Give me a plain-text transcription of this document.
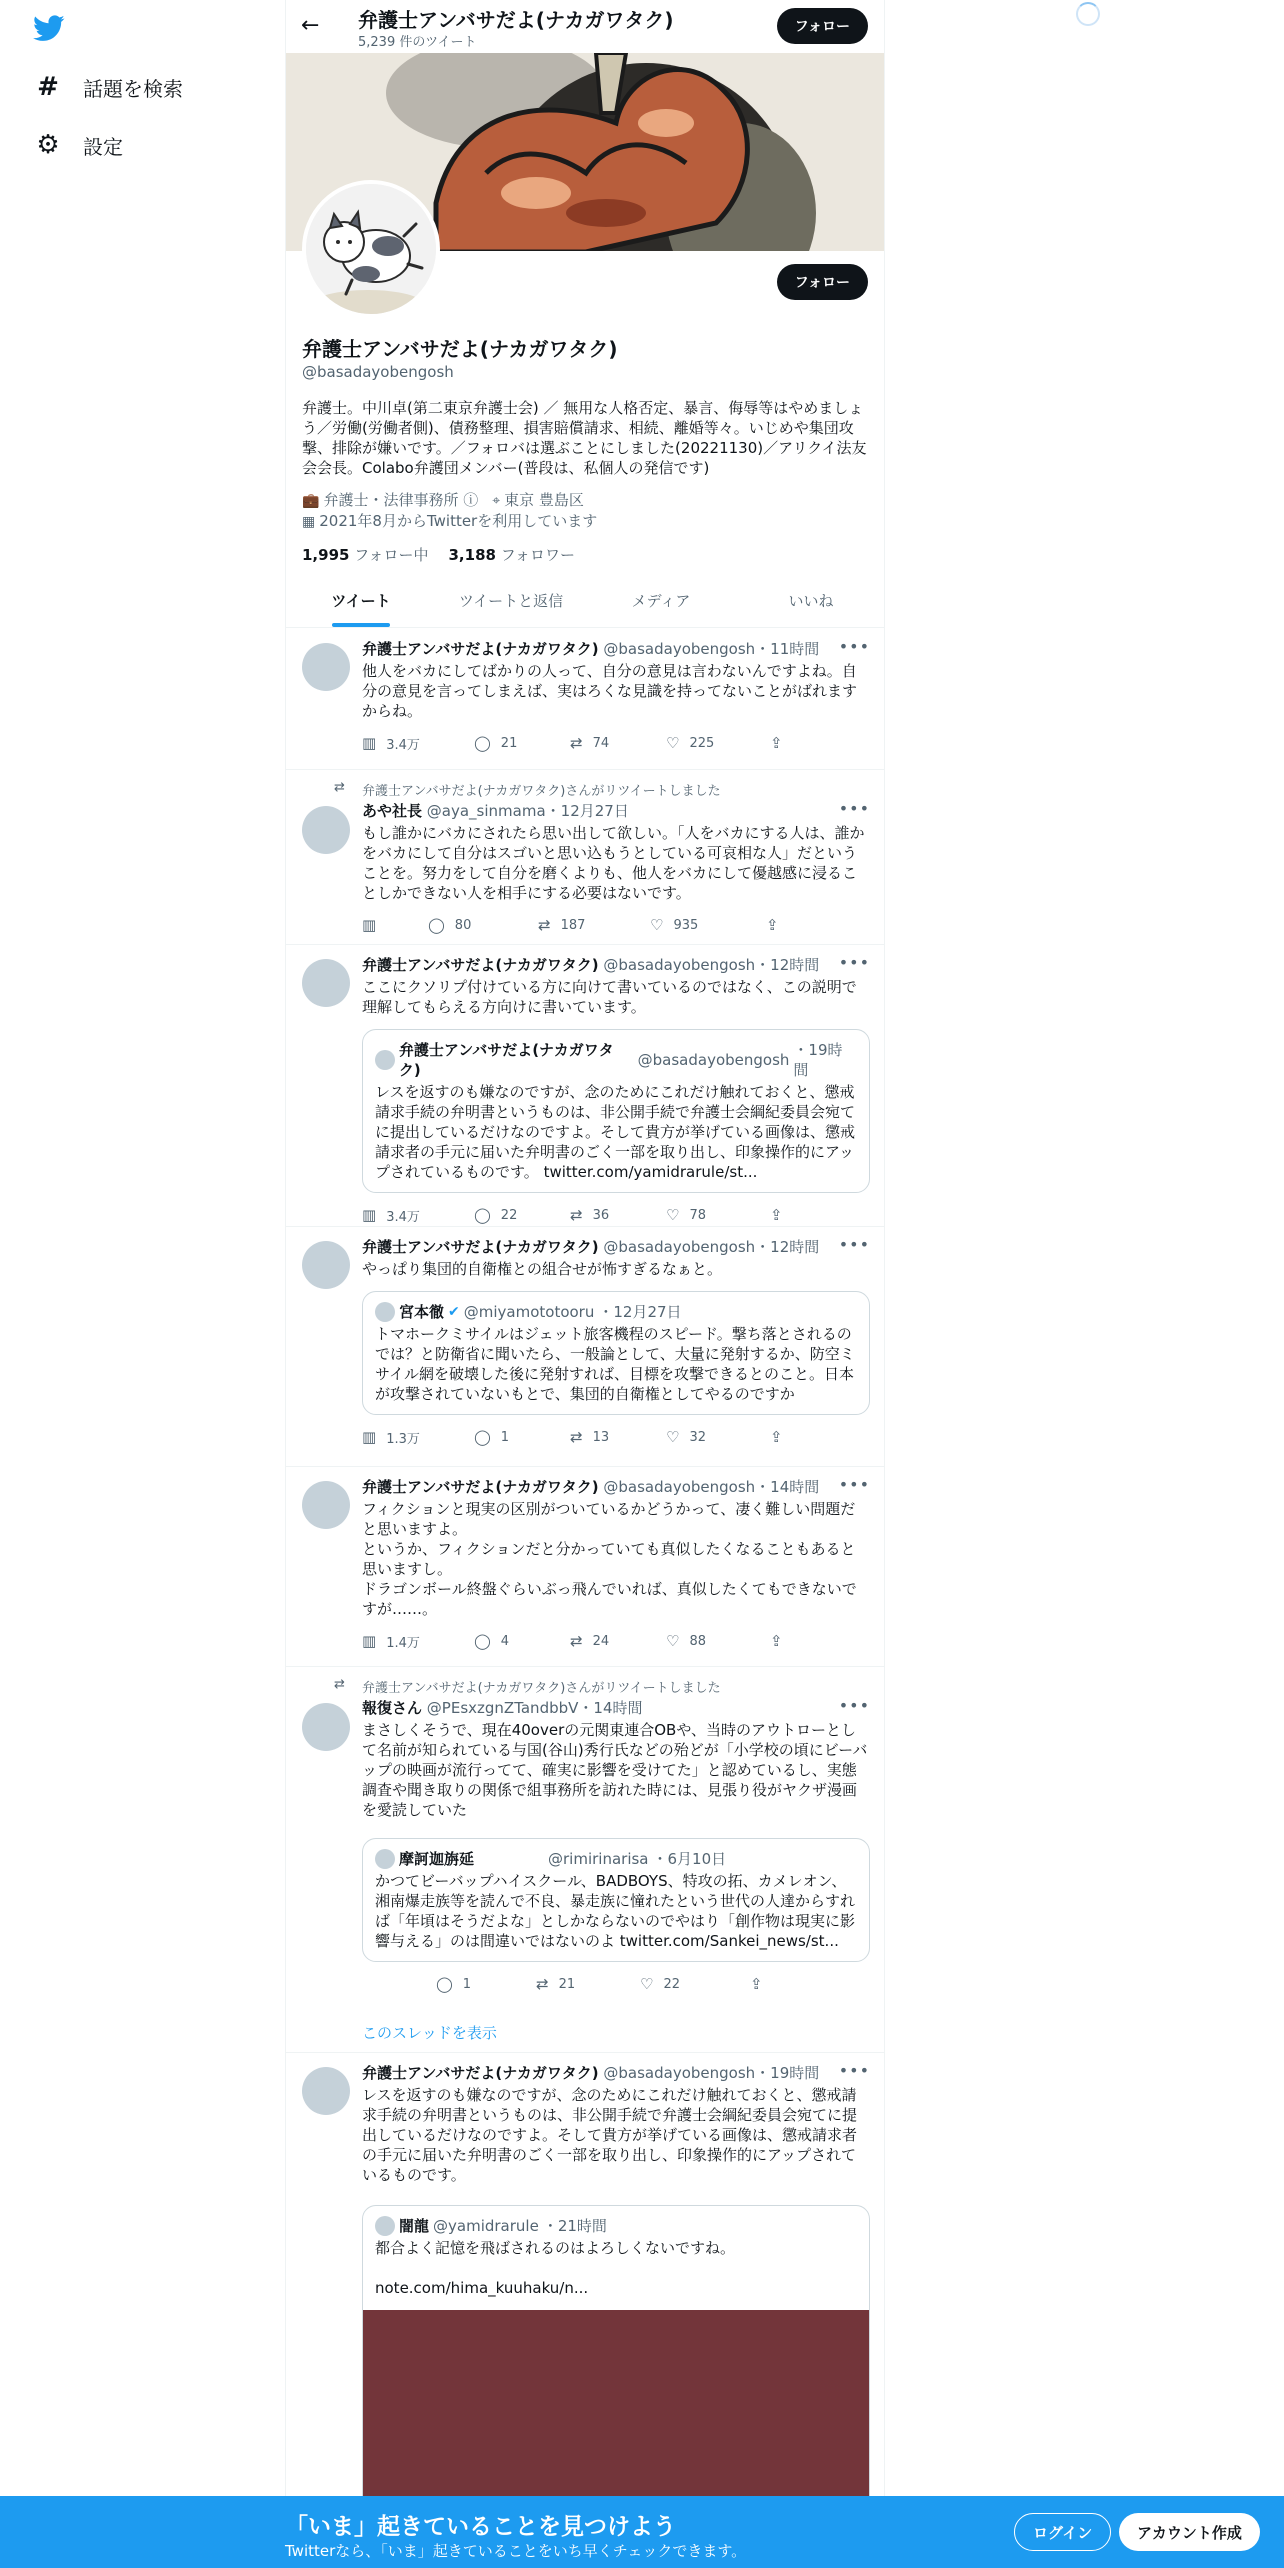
# 話題を検索
⚙ 設定
← 弁護士アンバサだよ(ナカガワタク)
5,239 件のツイート
フォロー
フォロー
弁護士アンバサだよ(ナカガワタク)
@basadayobengosh
弁護士。中川卓(第二東京弁護士会) ／ 無用な人格否定、暴言、侮辱等はやめましょう／労働(労働者側)、債務整理、損害賠償請求、相続、離婚等々。いじめや集団攻撃、排除が嫌いです。／フォロバは選ぶことにしました(20221130)／アリクイ法友会会長。Colabo弁護団メンバー(普段は、私個人の発信です)
💼 弁護士・法律事務所 ⓘ ⌖ 東京 豊島区
▦ 2021年8月からTwitterを利用しています
1,995 フォロー中 3,188 フォロワー
ツイート	ツイートと返信	メディア	いいね
弁護士アンバサだよ(ナカガワタク) @basadayobengosh・11時間 •••
他人をバカにしてばかりの人って、自分の意見は言わないんですよね。自分の意見を言ってしまえば、実はろくな見識を持ってないことがばれますからね。
▥ 3.4万	◯ 21	⇄ 74	♡ 225	⇪
⇄ 弁護士アンバサだよ(ナカガワタク)さんがリツイートしました
あや社長 @aya_sinmama・12月27日	•••
もし誰かにバカにされたら思い出して欲しい。「人をバカにする人は、誰かをバカにして自分はスゴいと思い込もうとしている可哀相な人」だということを。努力をして自分を磨くよりも、他人をバカにして優越感に浸ることしかできない人を相手にする必要はないです。
▥	◯ 80	⇄ 187	♡ 935	⇪
弁護士アンバサだよ(ナカガワタク) @basadayobengosh・12時間 •••
ここにクソリプ付けている方に向けて書いているのではなく、この説明で理解してもらえる方向けに書いています。
弁護士アンバサだよ(ナカガワタク)
@basadayobengosh
・19時間
レスを返すのも嫌なのですが、念のためにこれだけ触れておくと、懲戒請求手続の弁明書というものは、非公開手続で弁護士会綱紀委員会宛てに提出しているだけなのですよ。そして貴方が挙げている画像は、懲戒請求者の手元に届いた弁明書のごく一部を取り出し、印象操作的にアップされているものです。 twitter.com/yamidrarule/st...
▥ 3.4万	◯ 22	⇄ 36	♡ 78	⇪
弁護士アンバサだよ(ナカガワタク) @basadayobengosh・12時間 •••
やっぱり集団的自衛権との組合せが怖すぎるなぁと。
宮本徹 ✔ @miyamototooru ・12月27日
トマホークミサイルはジェット旅客機程のスピード。撃ち落とされるのでは？と防衛省に聞いたら、一般論として、大量に発射するか、防空ミサイル網を破壊した後に発射すれば、目標を攻撃できるとのこと。日本が攻撃されていないもとで、集団的自衛権としてやるのですか
▥ 1.3万	◯ 1	⇄ 13	♡ 32	⇪
弁護士アンバサだよ(ナカガワタク) @basadayobengosh・14時間 •••
フィクションと現実の区別がついているかどうかって、凄く難しい問題だと思いますよ。
というか、フィクションだと分かっていても真似したくなることもあると思いますし。
ドラゴンボール終盤ぐらいぶっ飛んでいれば、真似したくてもできないですが……。
▥ 1.4万	◯ 4	⇄ 24	♡ 88	⇪
⇄ 弁護士アンバサだよ(ナカガワタク)さんがリツイートしました
報復さん @PEsxzgnZTandbbV・14時間	•••
まさしくそうで、現在40overの元関東連合OBや、当時のアウトローとして名前が知られている与国(谷山)秀行氏などの殆どが「小学校の頃にビーバップの映画が流行ってて、確実に影響を受けてた」と認めているし、実態調査や聞き取りの関係で組事務所を訪れた時には、見張り役がヤクザ漫画を愛読していた
摩訶迦旃延	@rimirinarisa ・6月10日
かつてビーバップハイスクール、BADBOYS、特攻の拓、カメレオン、湘南爆走族等を読んで不良、暴走族に憧れたという世代の人達からすれば「年頃はそうだよな」としかならないのでやはり「創作物は現実に影響与える」のは間違いではないのよ twitter.com/Sankei_news/st...
◯ 1	⇄ 21	♡ 22	⇪
このスレッドを表示
弁護士アンバサだよ(ナカガワタク) @basadayobengosh・19時間 •••
レスを返すのも嫌なのですが、念のためにこれだけ触れておくと、懲戒請求手続の弁明書というものは、非公開手続で弁護士会綱紀委員会宛てに提出しているだけなのですよ。そして貴方が挙げている画像は、懲戒請求者の手元に届いた弁明書のごく一部を取り出し、印象操作的にアップされているものです。
闇龍 @yamidrarule ・21時間
都合よく記憶を飛ばされるのはよろしくないですね。

note.com/hima_kuuhaku/n...
「いま」起きていることを見つけよう
Twitterなら、「いま」起きていることをいち早くチェックできます。
ログイン	アカウント作成
